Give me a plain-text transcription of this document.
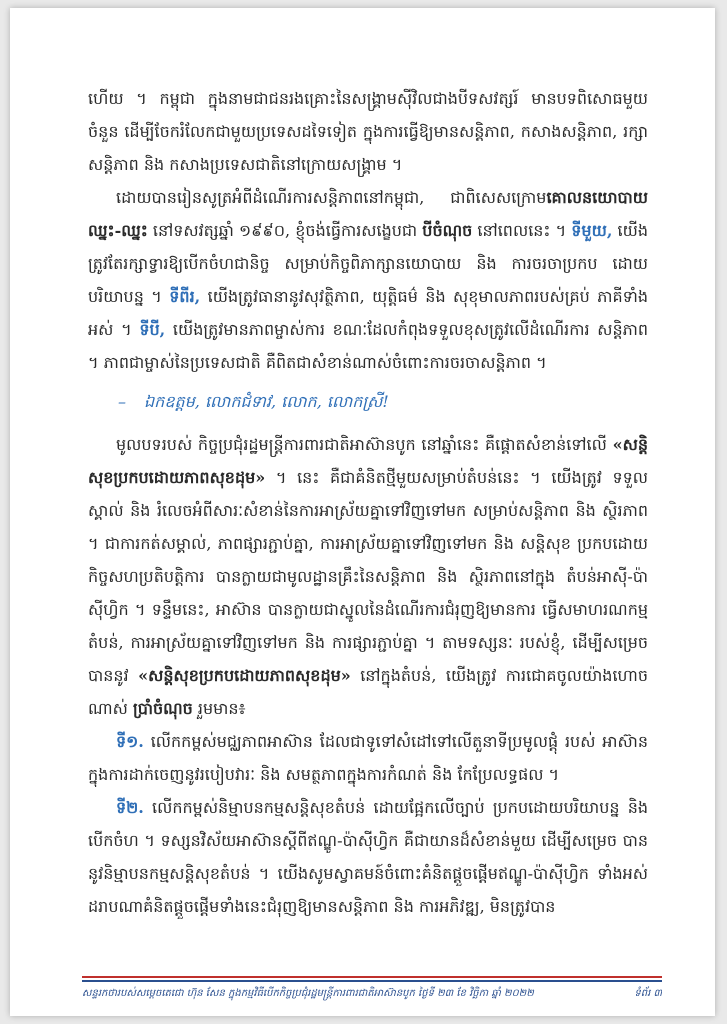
ហើយ ។ កម្ពុជា ក្នុងនាមជាជនរងគ្រោះនៃសង្គ្រាមស៊ីវិលជាងបីទសវត្សរ៍ មានបទពិសោធមួយ ចំនួន ដើម្បីចែករំលែកជាមួយប្រទេសដទៃទៀត ក្នុងការធ្វើឱ្យមានសន្តិភាព, កសាងសន្តិភាព, រក្សាសន្តិភាព និង កសាងប្រទេសជាតិនៅក្រោយសង្គ្រាម ។

ដោយបានរៀនសូត្រអំពីដំណើរការសន្តិភាពនៅកម្ពុជា, ជាពិសេសក្រោមគោលនយោបាយឈ្នះ-ឈ្នះ នៅទសវត្សឆ្នាំ ១៩៩០, ខ្ញុំចង់ធ្វើការសង្ខេបជា បីចំណុច នៅពេលនេះ ។ ទីមួយ, យើងត្រូវតែរក្សាទ្វារឱ្យបើកចំហជានិច្ច សម្រាប់កិច្ចពិភាក្សានយោបាយ និង ការចរចាប្រកប ដោយបរិយាបន្ន ។ ទីពីរ, យើងត្រូវធានានូវសុវត្ថិភាព, យុត្តិធម៌ និង សុខុមាលភាពរបស់គ្រប់ ភាគីទាំងអស់ ។ ទីបី, យើងត្រូវមានភាពម្ចាស់ការ ខណៈដែលកំពុងទទួលខុសត្រូវលើដំណើរការ សន្តិភាព ។ ភាពជាម្ចាស់នៃប្រទេសជាតិ គឺពិតជាសំខាន់ណាស់ចំពោះការចរចាសន្តិភាព ។

– ឯកឧត្តម, លោកជំទាវ, លោក, លោកស្រី!

មូលបទរបស់ កិច្ចប្រជុំរដ្ឋមន្ត្រីការពារជាតិអាស៊ានបូក នៅឆ្នាំនេះ គឺផ្តោតសំខាន់ទៅលើ «សន្តិសុខប្រកបដោយភាពសុខដុម» ។ នេះ គឺជាគំនិតថ្មីមួយសម្រាប់តំបន់នេះ ។ យើងត្រូវ ទទួលស្គាល់ និង រំលេចអំពីសារៈសំខាន់នៃការអាស្រ័យគ្នាទៅវិញទៅមក សម្រាប់សន្តិភាព និង ស្ថិរភាព ។ ជាការកត់សម្គាល់, ភាពផ្សារភ្ជាប់គ្នា, ការអាស្រ័យគ្នាទៅវិញទៅមក និង សន្តិសុខ ប្រកបដោយកិច្ចសហប្រតិបត្តិការ បានក្លាយជាមូលដ្ឋានគ្រឹះនៃសន្តិភាព និង ស្ថិរភាពនៅក្នុង តំបន់អាស៊ី-ប៉ាស៊ីហ្វិក ។ ទន្ទឹមនេះ, អាស៊ាន បានក្លាយជាស្នូលនៃដំណើរការជំរុញឱ្យមានការ ធ្វើសមាហរណកម្មតំបន់, ការអាស្រ័យគ្នាទៅវិញទៅមក និង ការផ្សារភ្ជាប់គ្នា ។ តាមទស្សនៈ របស់ខ្ញុំ, ដើម្បីសម្រេចបាននូវ «សន្តិសុខប្រកបដោយភាពសុខដុម» នៅក្នុងតំបន់, យើងត្រូវ ការជោគចូលយ៉ាងហោចណាស់ ប្រាំចំណុច រួមមាន៖

ទី១. លើកកម្ពស់មជ្ឈភាពអាស៊ាន ដែលជាទូទៅសំដៅទៅលើតួនាទីប្រមូលផ្តុំ របស់ អាស៊ាន ក្នុងការដាក់ចេញនូវរបៀបវារៈ និង សមត្ថភាពក្នុងការកំណត់ និង កែប្រែលទ្ធផល ។

ទី២. លើកកម្ពស់និម្មាបនកម្មសន្តិសុខតំបន់ ដោយផ្អែកលើច្បាប់ ប្រកបដោយបរិយាបន្ន និង បើកចំហ ។ ទស្សនវិស័យអាស៊ានស្តីពីឥណ្ឌូ-ប៉ាស៊ីហ្វិក គឺជាយានដ៏សំខាន់មួយ ដើម្បីសម្រេច បាននូវនិម្មាបនកម្មសន្តិសុខតំបន់ ។ យើងសូមស្វាគមន៍ចំពោះគំនិតផ្តួចផ្តើមឥណ្ឌូ-ប៉ាស៊ីហ្វិក ទាំងអស់ ដរាបណាគំនិតផ្តួចផ្តើមទាំងនេះជំរុញឱ្យមានសន្តិភាព និង ការអភិវឌ្ឍ, មិនត្រូវបាន

សន្ទរកថារបស់សម្តេចតេជោ ហ៊ុន សែន ក្នុងកម្មវិធីបើកកិច្ចប្រជុំរដ្ឋមន្ត្រីការពារជាតិអាស៊ានបូក ថ្ងៃទី ២៣ ខែ វិច្ឆិកា ឆ្នាំ ២០២២	ទំព័រ ៣
